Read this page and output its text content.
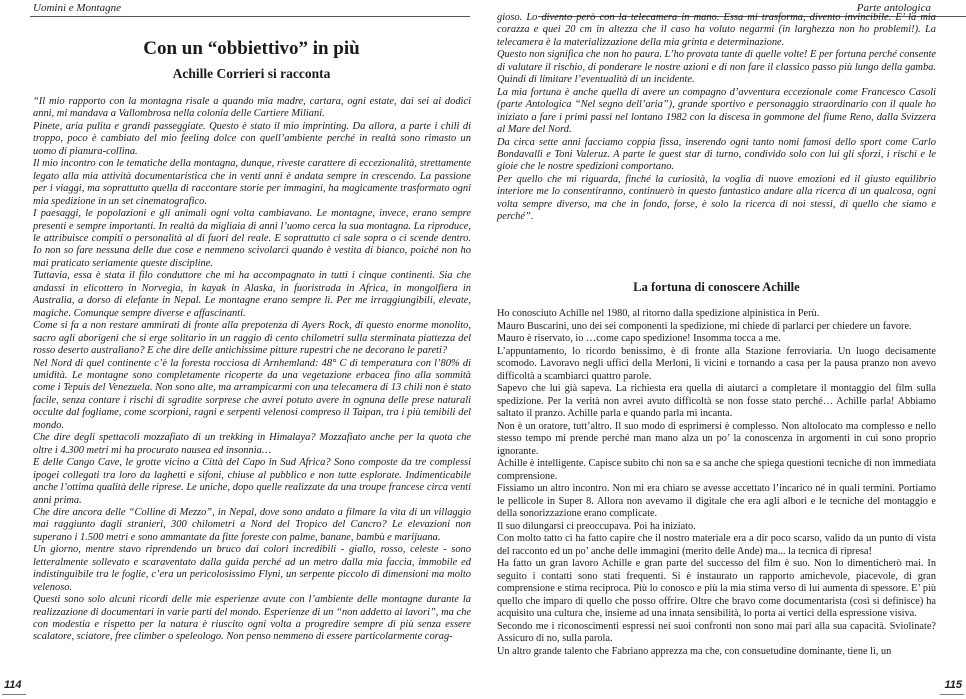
Uomini e Montagne
Con un “obbiettivo” in più
Achille Corrieri si racconta

“Il mio rapporto con la montagna risale a quando mia madre, cartara, ogni estate, dai sei ai dodici anni, mi mandava a Vallombrosa nella colonia delle Cartiere Miliani.

Pinete, aria pulita e grandi passeggiate. Questo è stato il mio imprinting. Da allora, a parte i chili di troppo, poco è cambiato del mio feeling dolce con quell’ambiente perché in realtà sono rimasto un uomo di pianura-collina.

Il mio incontro con le tematiche della montagna, dunque, riveste carattere di eccezionalità, strettamente legato alla mia attività documentaristica che in venti anni è andata sempre in crescendo. La passione per i viaggi, ma soprattutto quella di raccontare storie per immagini, ha magicamente trasformato ogni mia spedizione in un set cinematografico.

I paesaggi, le popolazioni e gli animali ogni volta cambiavano. Le montagne, invece, erano sempre presenti e sempre importanti. In realtà da migliaia di anni l’uomo cerca la sua montagna. La riproduce, le attribuisce compiti o personalità al di fuori del reale. E soprattutto ci sale sopra o ci scende dentro. Io non so fare nessuna delle due cose e nemmeno scivolarci quando è vestita di bianco, poiché non ho mai praticato seriamente queste discipline.

Tuttavia, essa è stata il filo conduttore che mi ha accompagnato in tutti i cinque continenti. Sia che andassi in elicottero in Norvegia, in kayak in Alaska, in fuoristrada in Africa, in mongolfiera in Australia, a dorso di elefante in Nepal. Le montagne erano sempre lì. Per me irraggiungibili, elevate, magiche. Comunque sempre diverse e affascinanti.

Come si fa a non restare ammirati di fronte alla prepotenza di Ayers Rock, di questo enorme monolito, sacro agli aborigeni che si erge solitario in un raggio di cento chilometri sulla sterminata piattezza del rosso deserto australiano? E che dire delle antichissime pitture rupestri che ne decorano le pareti?

Nel Nord di quel continente c’è la foresta rocciosa di Arnhemland: 48° C di temperatura con l’80% di umidità. Le montagne sono completamente ricoperte da una vegetazione erbacea fino alla sommità come i Tepuis del Venezuela. Non sono alte, ma arrampicarmi con una telecamera di 13 chili non è stato facile, senza contare i rischi di sgradite sorprese che avrei potuto avere in ognuna delle prese naturali occulte dal fogliame, come scorpioni, ragni e serpenti velenosi compreso il Taipan, tra i più temibili del mondo.

Che dire degli spettacoli mozzafiato di un trekking in Himalaya? Mozzafiato anche per la quota che oltre i 4.300 metri mi ha procurato nausea ed insonnia…

E delle Cango Cave, le grotte vicino a Città del Capo in Sud Africa? Sono composte da tre complessi ipogei collegati tra loro da laghetti e sifoni, chiuse al pubblico e non tutte esplorate. Indimenticabile anche l’ottima qualità delle riprese. Le uniche, dopo quelle realizzate da una troupe francese circa venti anni prima.

Che dire ancora delle “Colline di Mezzo”, in Nepal, dove sono andato a filmare la vita di un villaggio mai raggiunto dagli stranieri, 300 chilometri a Nord del Tropico del Cancro? Le elevazioni non superano i 1.500 metri e sono ammantate da fitte foreste con palme, banane, bambù e marijuana.

Un giorno, mentre stavo riprendendo un bruco dai colori incredibili - giallo, rosso, celeste - sono letteralmente sollevato e scaraventato dalla guida perché ad un metro dalla mia faccia, immobile ed indistinguibile tra le foglie, c’era un pericolosissimo Flyni, un serpente piccolo di dimensioni ma molto velenoso.

Questi sono solo alcuni ricordi delle mie esperienze avute con l’ambiente delle montagne durante la realizzazione di documentari in varie parti del mondo. Esperienze di un “non addetto ai lavori”, ma che con modestia e rispetto per la natura è riuscito ogni volta a progredire sempre di più senza essere scalatore, sciatore, free climber o speleologo. Non penso nemmeno di essere particolarmente corag-

114
Parte antologica

gioso. Lo divento però con la telecamera in mano. Essa mi trasforma, divento invincibile. E’ la mia corazza e quei 20 cm in altezza che il caso ha voluto negarmi (in larghezza non ho problemi!). La telecamera è la materializzazione della mia grinta e determinazione.

Questo non significa che non ho paura. L’ho provata tante di quelle volte! E per fortuna perché consente di valutare il rischio, di ponderare le nostre azioni e di non fare il classico passo più lungo della gamba. Quindi di limitare l’eventualità di un incidente.

La mia fortuna è anche quella di avere un compagno d’avventura eccezionale come Francesco Casoli (parte Antologica “Nel segno dell’aria”), grande sportivo e personaggio straordinario con il quale ho iniziato a fare i primi passi nel lontano 1982 con la discesa in gommone del fiume Reno, dalla Svizzera al Mare del Nord.

Da circa sette anni facciamo coppia fissa, inserendo ogni tanto nomi famosi dello sport come Carlo Bondavalli e Toni Valeruz. A parte le guest star di turno, condivido solo con lui gli sforzi, i rischi e le gioie che le nostre spedizioni comportano.

Per quello che mi riguarda, finché la curiosità, la voglia di nuove emozioni ed il giusto equilibrio interiore me lo consentiranno, continuerò in questo fantastico andare alla ricerca di un qualcosa, ogni volta sempre diverso, ma che in fondo, forse, è solo la ricerca di noi stessi, di quello che siamo e perché”.

La fortuna di conoscere Achille

Ho conosciuto Achille nel 1980, al ritorno dalla spedizione alpinistica in Perù.

Mauro Buscarini, uno dei sei componenti la spedizione, mi chiede di parlarci per chiedere un favore.

Mauro è riservato, io …come capo spedizione! Insomma tocca a me.

L’appuntamento, lo ricordo benissimo, è di fronte alla Stazione ferroviaria. Un luogo decisamente scomodo. Lavoravo negli uffici della Merloni, lì vicini e tornando a casa per la pausa pranzo non avevo difficoltà a scambiarci quattro parole.

Sapevo che lui già sapeva. La richiesta era quella di aiutarci a completare il montaggio del film sulla spedizione. Per la verità non avrei avuto difficoltà se non fosse stato perché… Achille parla! Abbiamo saltato il pranzo. Achille parla e quando parla mi incanta.

Non è un oratore, tutt’altro. Il suo modo di esprimersi è complesso. Non altolocato ma complesso e nello stesso tempo mi prende perché man mano alza un po’ la conoscenza in argomenti in cui sono proprio ignorante.

Achille è intelligente. Capisce subito chi non sa e sa anche che spiega questioni tecniche di non immediata comprensione.

Fissiamo un altro incontro. Non mi era chiaro se avesse accettato l’incarico né in quali termini. Portiamo le pellicole in Super 8. Allora non avevamo il digitale che era agli albori e le tecniche del montaggio e della sonorizzazione erano complicate.

Il suo dilungarsi ci preoccupava. Poi ha iniziato.

Con molto tatto ci ha fatto capire che il nostro materiale era a dir poco scarso, valido da un punto di vista del racconto ed un po’ anche delle immagini (merito delle Ande) ma... la tecnica di ripresa!

Ha fatto un gran lavoro Achille e gran parte del successo del film è suo. Non lo dimenticherò mai. In seguito i contatti sono stati frequenti. Si è instaurato un rapporto amichevole, piacevole, di gran comprensione e stima reciproca. Più lo conosco e più la mia stima verso di lui aumenta di spessore. E’ più quello che imparo di quello che posso offrire. Oltre che bravo come documentarista (così si definisce) ha acquisito una cultura che, insieme ad una innata sensibilità, lo porta ai vertici della espressione visiva.

Secondo me i riconoscimenti espressi nei suoi confronti non sono mai pari alla sua capacità. Sviolinate? Assicuro di no, sulla parola.

Un altro grande talento che Fabriano apprezza ma che, con consuetudine dominante, tiene lì, un

115
